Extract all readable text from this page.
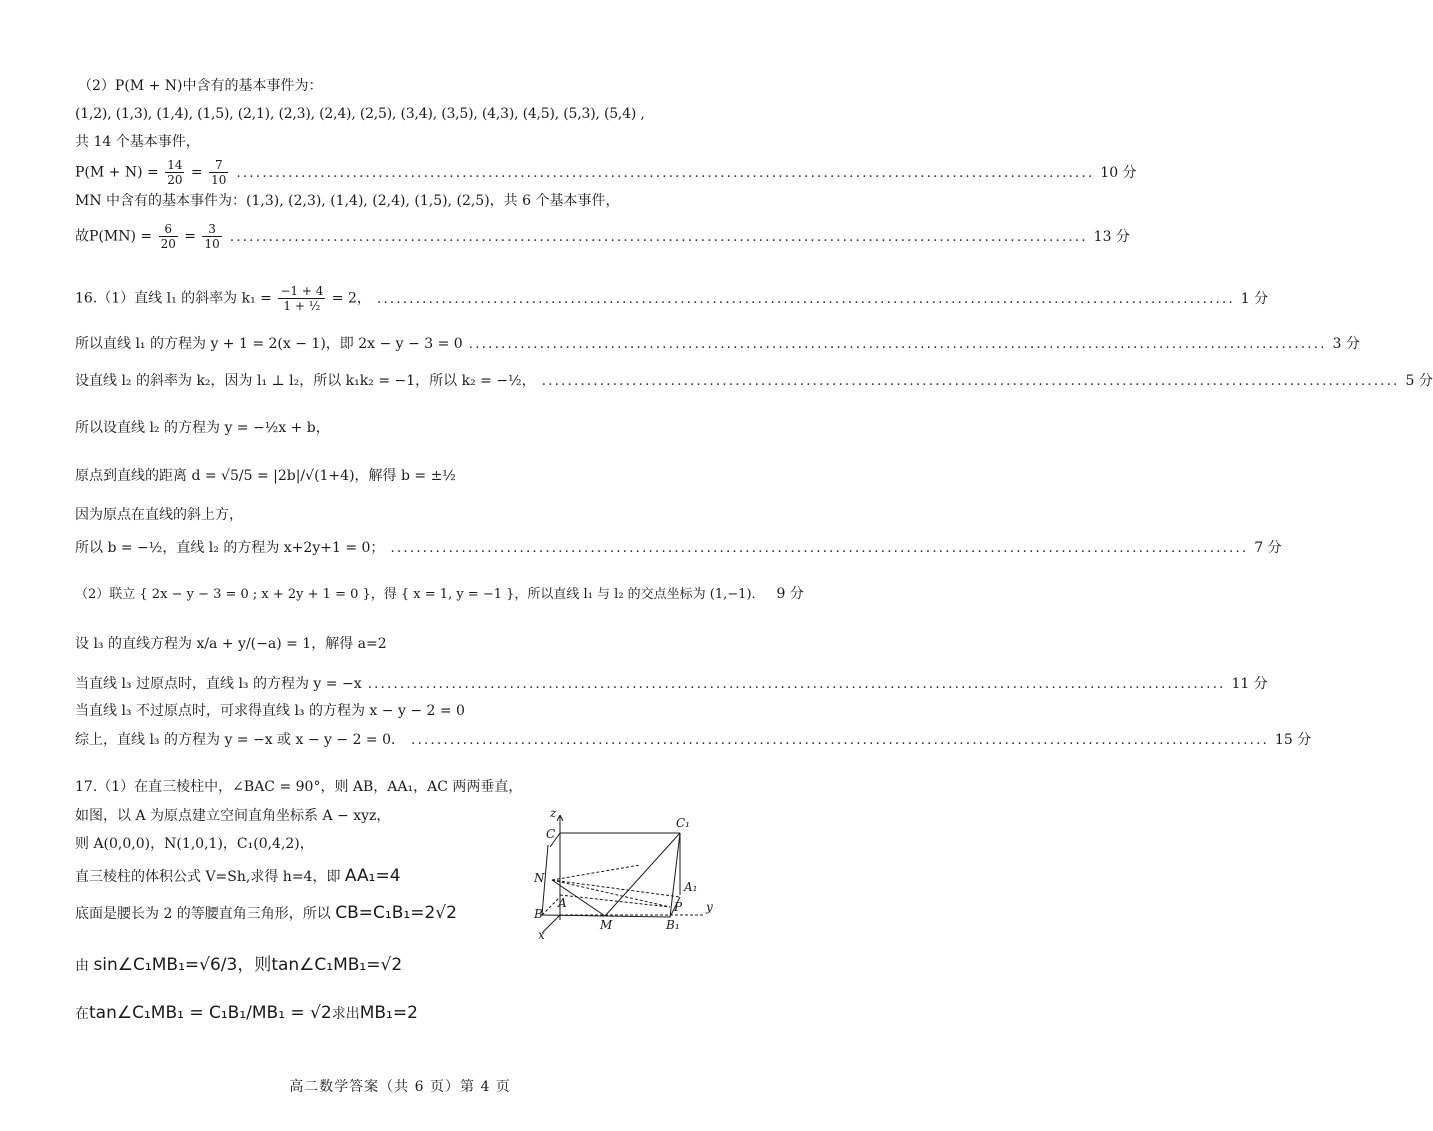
（2）P(M + N)中含有的基本事件为：
(1,2), (1,3), (1,4), (1,5), (2,1), (2,3), (2,4), (2,5), (3,4), (3,5), (4,3), (4,5), (5,3), (5,4) ,
共 14 个基本事件，
$P(M + N) = \frac{14}{20} = \frac{7}{10}$ ..................................................................................................................................... 10 分
MN 中含有的基本事件为：(1,3), (2,3), (1,4), (2,4), (1,5), (2,5)，共 6 个基本事件，
故$P(MN) = \frac{6}{20} = \frac{3}{10}$ ..................................................................................................................................... 13 分
16.（1）直线 l₁ 的斜率为 $k_1 = \frac{-1 + 4}{\text{1 + ½}} = 2$， ..................................................................................................................................... 1 分
所以直线 l₁ 的方程为 y + 1 = 2(x − 1)，即 2x − y − 3 = 0 ..................................................................................................................................... 3 分
设直线 l₂ 的斜率为 k₂，因为 l₁ ⊥ l₂，所以 k₁k₂ = −1，所以 k₂ = −½， ..................................................................................................................................... 5 分
所以设直线 l₂ 的方程为 y = −½x + b，
原点到直线的距离 d = √5/5 = |2b|/√(1+4)，解得 b = ±½
因为原点在直线的斜上方，
所以 b = −½，直线 l₂ 的方程为 x+2y+1 = 0； ..................................................................................................................................... 7 分
（2）联立 { 2x − y − 3 = 0 ; x + 2y + 1 = 0 }，得 { x = 1, y = −1 }，所以直线 l₁ 与 l₂ 的交点坐标为 (1,−1)． 9 分
设 l₃ 的直线方程为 x/a + y/(−a) = 1，解得 a=2
当直线 l₃ 过原点时，直线 l₃ 的方程为 y = −x ..................................................................................................................................... 11 分
当直线 l₃ 不过原点时，可求得直线 l₃ 的方程为 x − y − 2 = 0
综上，直线 l₃ 的方程为 y = −x 或 x − y − 2 = 0． ..................................................................................................................................... 15 分
17.（1）在直三棱柱中，∠BAC = 90°，则 AB，AA₁，AC 两两垂直，
如图，以 A 为原点建立空间直角坐标系 A − xyz，
则 A(0,0,0)，N(1,0,1)，C₁(0,4,2)，
直三棱柱的体积公式 V=Sh,求得 h=4，即 AA₁=4
底面是腰长为 2 的等腰直角三角形，所以 CB=C₁B₁=2√2
由 sin∠C₁MB₁=√6/3，则tan∠C₁MB₁=√2
在tan∠C₁MB₁ = C₁B₁/MB₁ = √2求出MB₁=2
z
C
C₁
N
A
A₁
B
M
P
B₁
y
x
高二数学答案（共 6 页）第 4 页
